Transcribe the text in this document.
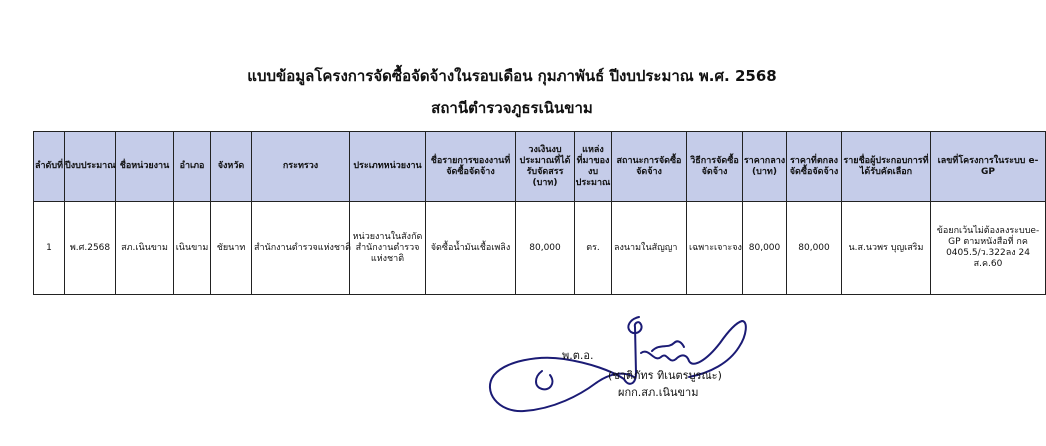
แบบข้อมูลโครงการจัดซื้อจัดจ้างในรอบเดือน กุมภาพันธ์ ปีงบประมาณ พ.ศ. 2568
สถานีตำรวจภูธรเนินขาม
ลำดับที่	ปีงบประมาณ	ชื่อหน่วยงาน	อำเภอ	จังหวัด	กระทรวง	ประเภทหน่วยงาน	ชื่อรายการของงานที่จัดซื้อจัดจ้าง	วงเงินงบประมาณที่ได้รับจัดสรร (บาท)	แหล่งที่มาของงบประมาณ	สถานะการจัดซื้อจัดจ้าง	วิธีการจัดซื้อจัดจ้าง	ราคากลาง (บาท)	ราคาที่ตกลงจัดซื้อจัดจ้าง	รายชื่อผู้ประกอบการที่ได้รับคัดเลือก	เลขที่โครงการในระบบ e-GP
1	พ.ศ.2568	สภ.เนินขาม	เนินขาม	ชัยนาท	สำนักงานตำรวจแห่งชาติ	หน่วยงานในสังกัดสำนักงานตำรวจแห่งชาติ	จัดซื้อน้ำมันเชื้อเพลิง	80,000	ตร.	ลงนามในสัญญา	เฉพาะเจาะจง	80,000	80,000	น.ส.นวพร บุญเสริม	ข้อยกเว้นไม่ต้องลงระบบe-GP ตามหนังสือที่ กค 0405.5/ว.322ลง 24 ส.ค.60
พ.ต.อ.
(ชาติภัทร ทิเนตรบูรณะ)
ผกก.สภ.เนินขาม
